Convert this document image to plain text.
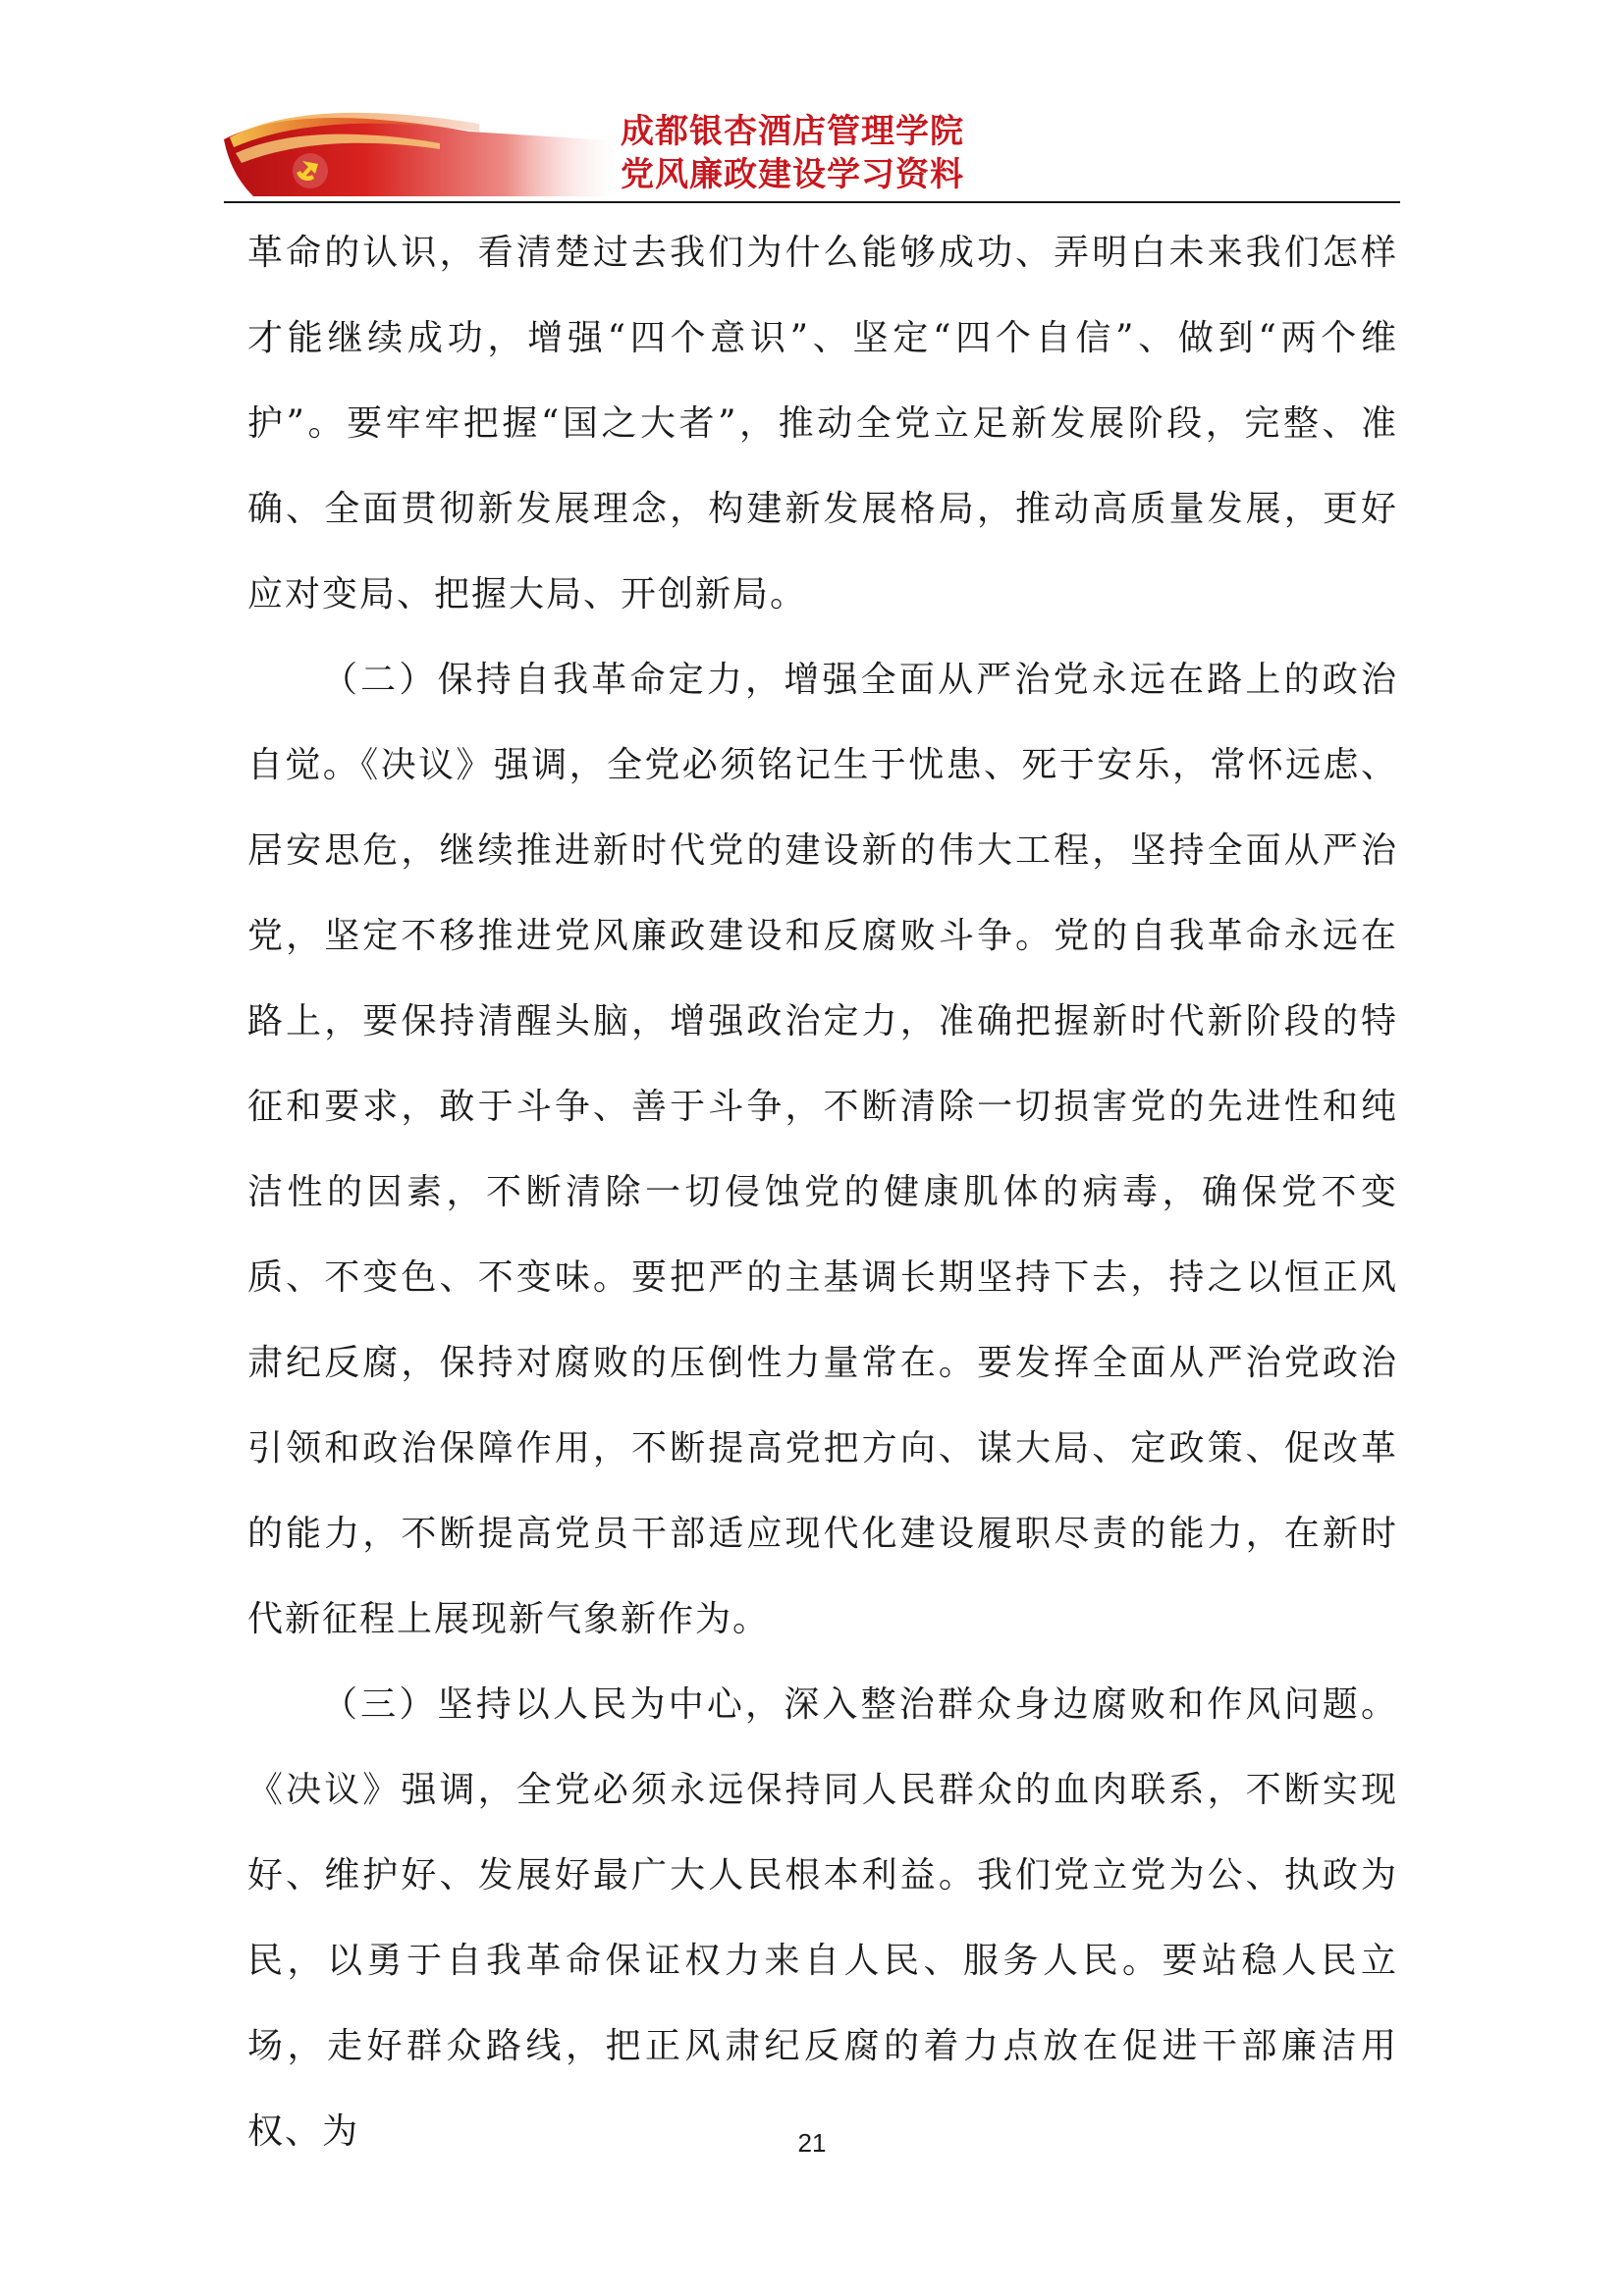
成都银杏酒店管理学院
党风廉政建设学习资料

革命的认识，看清楚过去我们为什么能够成功、弄明白未来我们怎样才能继续成功，增强“四个意识”、坚定“四个自信”、做到“两个维护”。要牢牢把握“国之大者”，推动全党立足新发展阶段，完整、准确、全面贯彻新发展理念，构建新发展格局，推动高质量发展，更好应对变局、把握大局、开创新局。

（二）保持自我革命定力，增强全面从严治党永远在路上的政治自觉。《决议》强调，全党必须铭记生于忧患、死于安乐，常怀远虑、居安思危，继续推进新时代党的建设新的伟大工程，坚持全面从严治党，坚定不移推进党风廉政建设和反腐败斗争。党的自我革命永远在路上，要保持清醒头脑，增强政治定力，准确把握新时代新阶段的特征和要求，敢于斗争、善于斗争，不断清除一切损害党的先进性和纯洁性的因素，不断清除一切侵蚀党的健康肌体的病毒，确保党不变质、不变色、不变味。要把严的主基调长期坚持下去，持之以恒正风肃纪反腐，保持对腐败的压倒性力量常在。要发挥全面从严治党政治引领和政治保障作用，不断提高党把方向、谋大局、定政策、促改革的能力，不断提高党员干部适应现代化建设履职尽责的能力，在新时代新征程上展现新气象新作为。

（三）坚持以人民为中心，深入整治群众身边腐败和作风问题。《决议》强调，全党必须永远保持同人民群众的血肉联系，不断实现好、维护好、发展好最广大人民根本利益。我们党立党为公、执政为民，以勇于自我革命保证权力来自人民、服务人民。要站稳人民立场，走好群众路线，把正风肃纪反腐的着力点放在促进干部廉洁用权、为	21
